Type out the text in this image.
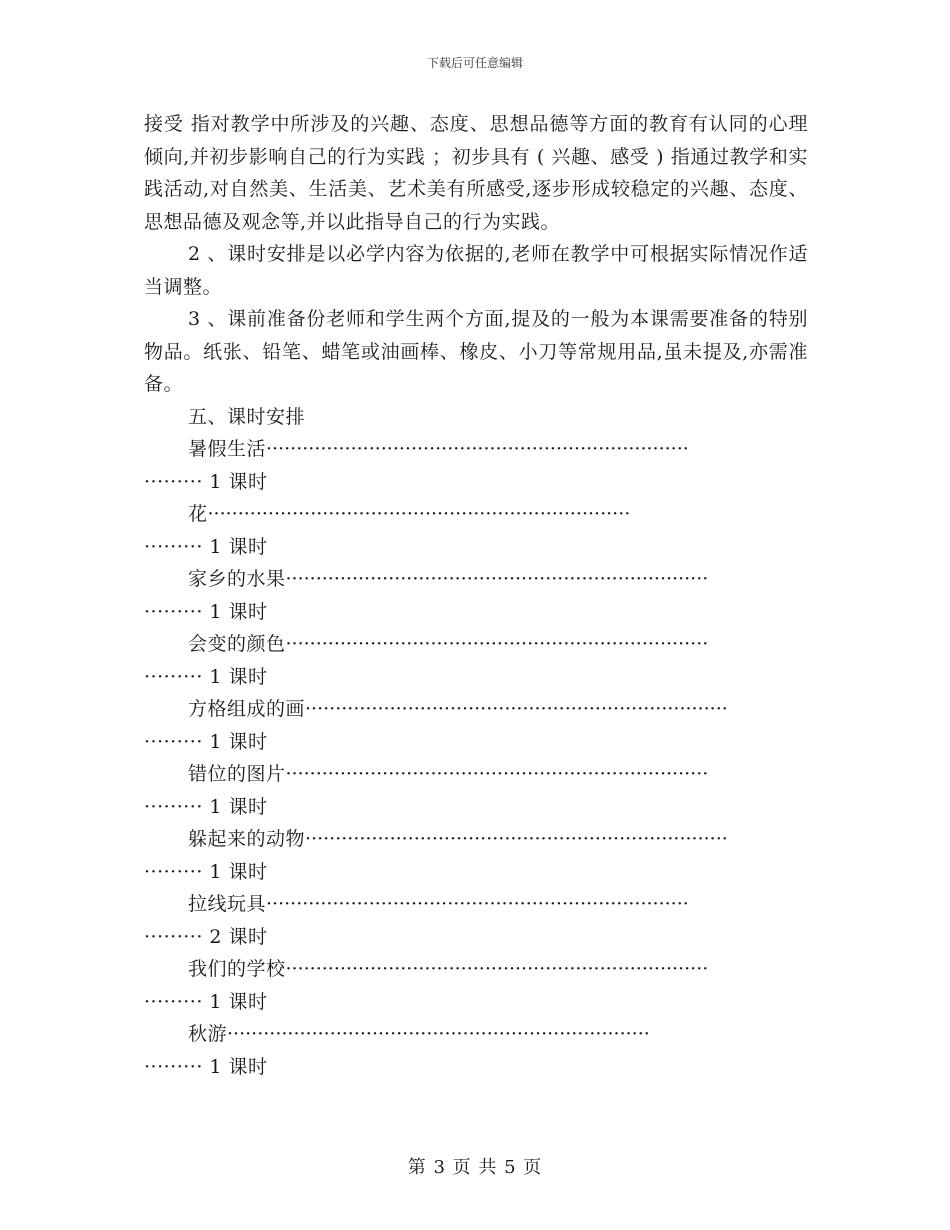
下载后可任意编辑

接受 指对教学中所涉及的兴趣、态度、思想品德等方面的教育有认同的心理倾向,并初步影响自己的行为实践 ；初步具有 ( 兴趣、感受 ) 指通过教学和实践活动,对自然美、生活美、艺术美有所感受,逐步形成较稳定的兴趣、态度、思想品德及观念等,并以此指导自己的行为实践。

2 、课时安排是以必学内容为依据的,老师在教学中可根据实际情况作适当调整。

3 、课前准备份老师和学生两个方面,提及的一般为本课需要准备的特别物品。纸张、铅笔、蜡笔或油画棒、橡皮、小刀等常规用品,虽未提及,亦需准备。

五、课时安排

暑假生活······································································

········· 1 课时

花······································································

········· 1 课时

家乡的水果······································································

········· 1 课时

会变的颜色······································································

········· 1 课时

方格组成的画······································································

········· 1 课时

错位的图片······································································

········· 1 课时

躲起来的动物······································································

········· 1 课时

拉线玩具······································································

········· 2 课时

我们的学校······································································

········· 1 课时

秋游······································································

········· 1 课时

第 3 页 共 5 页
